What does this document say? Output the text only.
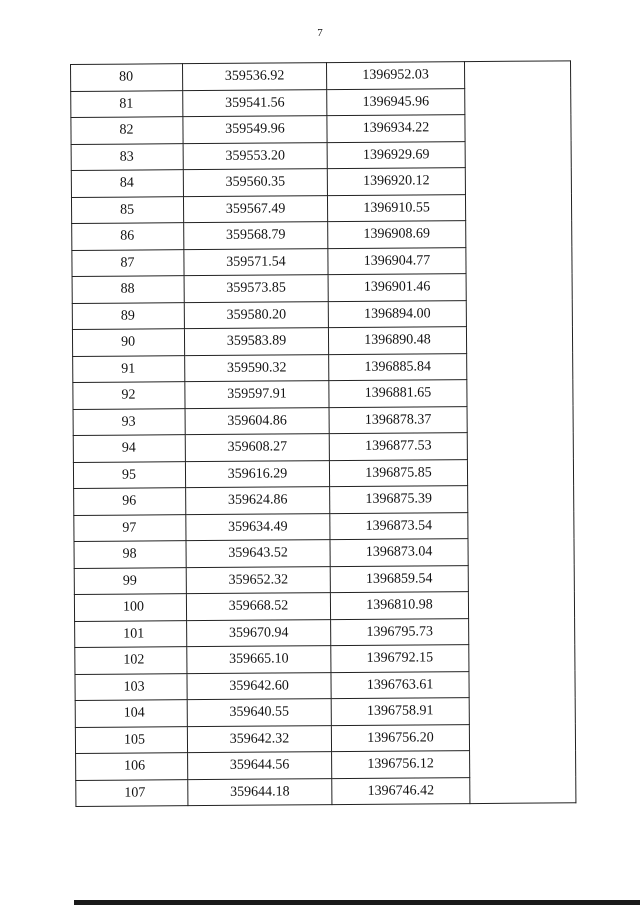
7
80	359536.92	1396952.03	
81	359541.56	1396945.96	
82	359549.96	1396934.22	
83	359553.20	1396929.69	
84	359560.35	1396920.12	
85	359567.49	1396910.55	
86	359568.79	1396908.69	
87	359571.54	1396904.77	
88	359573.85	1396901.46	
89	359580.20	1396894.00	
90	359583.89	1396890.48	
91	359590.32	1396885.84	
92	359597.91	1396881.65	
93	359604.86	1396878.37	
94	359608.27	1396877.53	
95	359616.29	1396875.85	
96	359624.86	1396875.39	
97	359634.49	1396873.54	
98	359643.52	1396873.04	
99	359652.32	1396859.54	
100	359668.52	1396810.98	
101	359670.94	1396795.73	
102	359665.10	1396792.15	
103	359642.60	1396763.61	
104	359640.55	1396758.91	
105	359642.32	1396756.20	
106	359644.56	1396756.12	
107	359644.18	1396746.42	
